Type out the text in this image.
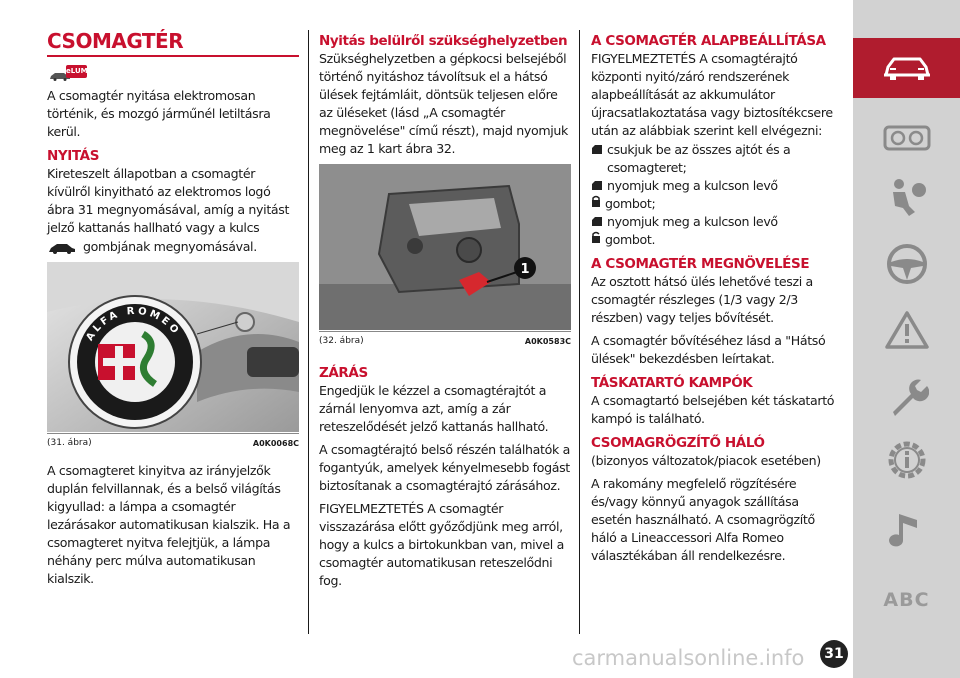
CSOMAGTÉR
eLUM

A csomagtér nyitása elektromosan történik, és mozgó járműnél letiltásra kerül.

NYITÁS

Kireteszelt állapotban a csomagtér kívülről kinyitható az elektromos logó ábra 31 megnyomásával, amíg a nyitást jelző kattanás hallható vagy a kulcs

gombjának megnyomásával.

ALFA ROMEO
(31. ábra)	A0K0068C

A csomagteret kinyitva az irányjelzők duplán felvillannak, és a belső világítás kigyullad: a lámpa a csomagtér lezárásakor automatikusan kialszik. Ha a csomagteret nyitva felejtjük, a lámpa néhány perc múlva automatikusan kialszik.

Nyitás belülről szükséghelyzetben

Szükséghelyzetben a gépkocsi belsejéből történő nyitáshoz távolítsuk el a hátsó ülések fejtámláit, döntsük teljesen előre az üléseket (lásd „A csomagtér megnövelése" című részt), majd nyomjuk meg az 1 kart ábra 32.

1
(32. ábra)	A0K0583C
ZÁRÁS

Engedjük le kézzel a csomagtérajtót a zárnál lenyomva azt, amíg a zár reteszelődését jelző kattanás hallható.

A csomagtérajtó belső részén találhatók a fogantyúk, amelyek kényelmesebb fogást biztosítanak a csomagtérajtó zárásához.

FIGYELMEZTETÉS A csomagtér visszazárása előtt győződjünk meg arról, hogy a kulcs a birtokunkban van, mivel a csomagtér automatikusan reteszelődni fog.

A CSOMAGTÉR ALAPBEÁLLÍTÁSA

FIGYELMEZTETÉS A csomagtérajtó központi nyitó/záró rendszerének alapbeállítását az akkumulátor újracsatlakoztatása vagy biztosítékcsere után az alábbiak szerint kell elvégezni:

csukjuk be az összes ajtót és a csomagteret;
nyomjuk meg a kulcson levő
gombot;
nyomjuk meg a kulcson levő
gombot.
A CSOMAGTÉR MEGNÖVELÉSE

Az osztott hátsó ülés lehetővé teszi a csomagtér részleges (1/3 vagy 2/3 részben) vagy teljes bővítését.

A csomagtér bővítéséhez lásd a "Hátsó ülések" bekezdésben leírtakat.

TÁSKATARTÓ KAMPÓK

A csomagtartó belsejében két táskatartó kampó is található.

CSOMAGRÖGZÍTŐ HÁLÓ

(bizonyos változatok/piacok esetében)

A rakomány megfelelő rögzítésére és/vagy könnyű anyagok szállítása esetén használható. A csomagrögzítő háló a Lineaccessori Alfa Romeo választékában áll rendelkezésre.

ABC
31
carmanualsonline.info
